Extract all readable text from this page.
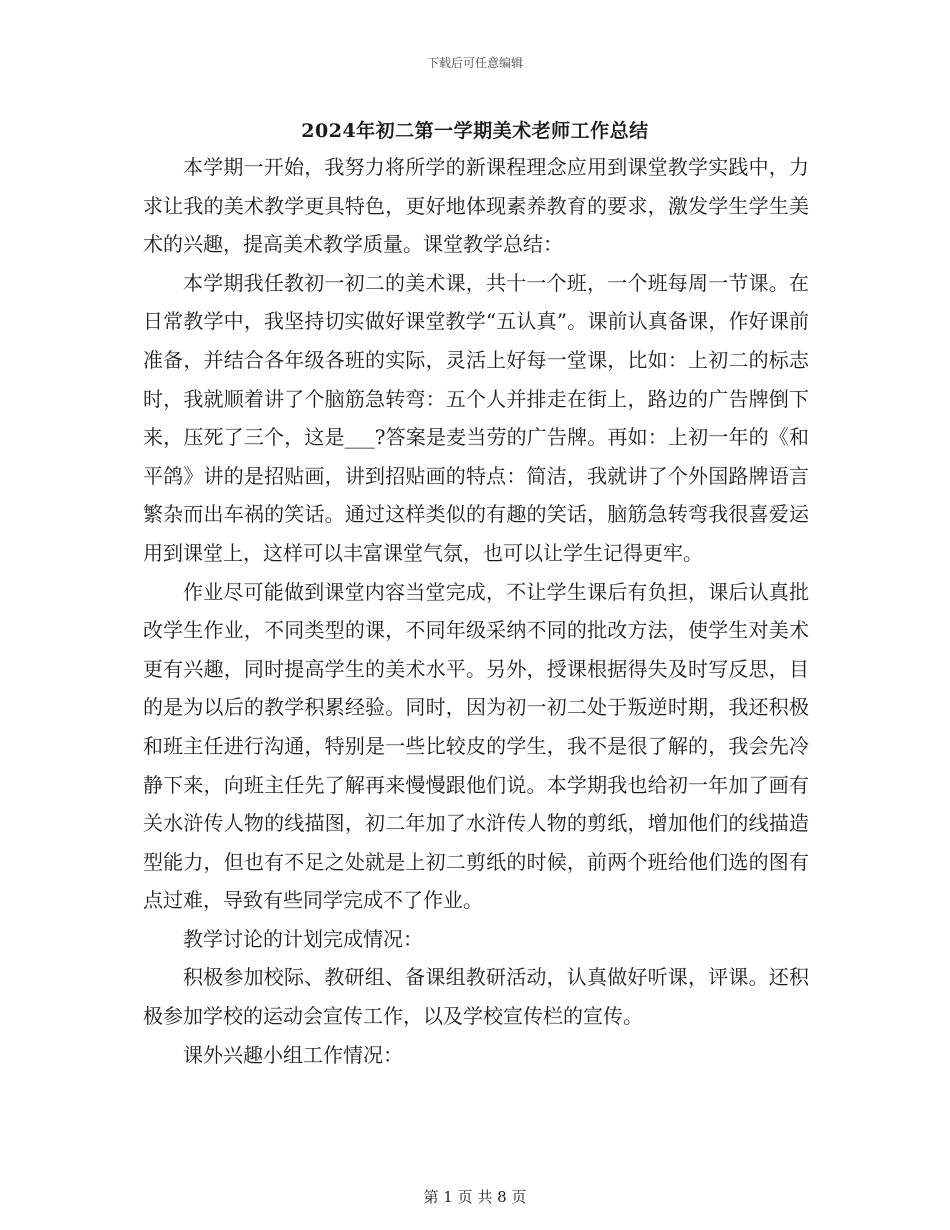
下载后可任意编辑
2024年初二第一学期美术老师工作总结

本学期一开始，我努力将所学的新课程理念应用到课堂教学实践中，力求让我的美术教学更具特色，更好地体现素养教育的要求，激发学生学生美术的兴趣，提高美术教学质量。课堂教学总结：

本学期我任教初一初二的美术课，共十一个班，一个班每周一节课。在日常教学中，我坚持切实做好课堂教学“五认真”。课前认真备课，作好课前准备，并结合各年级各班的实际，灵活上好每一堂课，比如：上初二的标志时，我就顺着讲了个脑筋急转弯：五个人并排走在街上，路边的广告牌倒下来，压死了三个，这是___?答案是麦当劳的广告牌。再如：上初一年的《和平鸽》讲的是招贴画，讲到招贴画的特点：简洁，我就讲了个外国路牌语言繁杂而出车祸的笑话。通过这样类似的有趣的笑话，脑筋急转弯我很喜爱运用到课堂上，这样可以丰富课堂气氛，也可以让学生记得更牢。

作业尽可能做到课堂内容当堂完成，不让学生课后有负担，课后认真批改学生作业，不同类型的课，不同年级采纳不同的批改方法，使学生对美术更有兴趣，同时提高学生的美术水平。另外，授课根据得失及时写反思，目的是为以后的教学积累经验。同时，因为初一初二处于叛逆时期，我还积极和班主任进行沟通，特别是一些比较皮的学生，我不是很了解的，我会先冷静下来，向班主任先了解再来慢慢跟他们说。本学期我也给初一年加了画有关水浒传人物的线描图，初二年加了水浒传人物的剪纸，增加他们的线描造型能力，但也有不足之处就是上初二剪纸的时候，前两个班给他们选的图有点过难，导致有些同学完成不了作业。

教学讨论的计划完成情况：

积极参加校际、教研组、备课组教研活动，认真做好听课，评课。还积极参加学校的运动会宣传工作，以及学校宣传栏的宣传。

课外兴趣小组工作情况：

第 1 页 共 8 页
